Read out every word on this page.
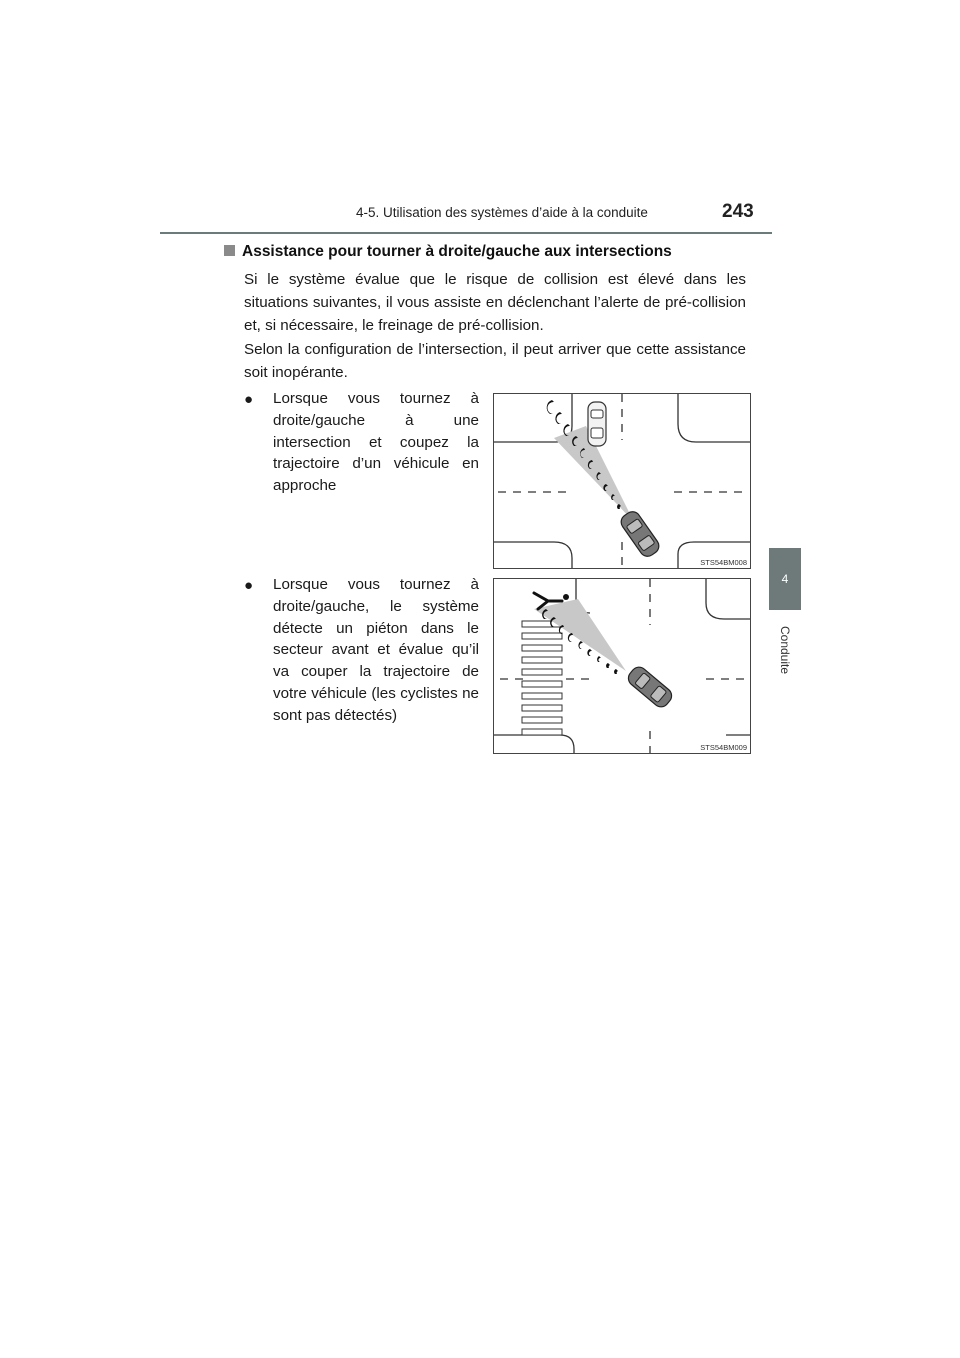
4-5. Utilisation des systèmes d’aide à la conduite	243
4
Conduite
Assistance pour tourner à droite/gauche aux intersections
Si le système évalue que le risque de collision est élevé dans les situations suivantes, il vous assiste en déclenchant l’alerte de pré-collision et, si nécessaire, le freinage de pré-collision.
Selon la configuration de l’intersection, il peut arriver que cette assistance soit inopérante.
● Lorsque vous tournez à droite/gauche à une intersection et coupez la trajectoire d’un véhicule en approche
● Lorsque vous tournez à droite/gauche, le système détecte un piéton dans le secteur avant et évalue qu’il va couper la trajectoire de votre véhicule (les cyclistes ne sont pas détectés)
STS54BM008
STS54BM009
